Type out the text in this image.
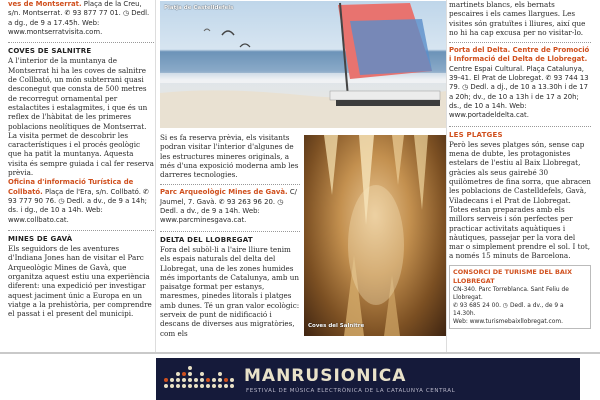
ves de Montserrat. Plaça de la Creu, s/n. Montserrat. ✆ 93 877 77 01. ◷ Dedl. a dg., de 9 a 17.45h. Web: www.montserratvisita.com.

COVES DE SALNITRE

A l'interior de la muntanya de Montserrat hi ha les coves de salnitre de Collbató, un món subterrani quasi desconegut que consta de 500 metres de recorregut ornamental per estalactites i estalagmites, i que és un reflex de l'hàbitat de les primeres poblacions neolítiques de Montserrat. La visita permet de descobrir les característiques i el procés geològic que ha patit la muntanya. Aquesta visita és sempre guiada i cal fer reserva prèvia.

Oficina d'informació Turística de Collbató. Plaça de l'Era, s/n. Collbató. ✆ 93 777 90 76. ◷ Dedl. a dv., de 9 a 14h; ds. i dg., de 10 a 14h. Web: www.collbato.cat.

MINES DE GAVÀ

Els seguidors de les aventures d'Indiana Jones han de visitar el Parc Arqueològic Mines de Gavà, que organitza aquest estiu una experiència diferent: una expedició per investigar aquest jaciment únic a Europa en un viatge a la prehistòria, per comprendre el passat i el present del municipi.

Platja de Castelldefels

Si es fa reserva prèvia, els visitants podran visitar l'interior d'algunes de les estructures mineres originals, a més d'una exposició moderna amb les darreres tecnologies.

Parc Arqueològic Mines de Gavà. C/ Jaumel, 7. Gavà. ✆ 93 263 96 20. ◷ Dedl. a dv., de 9 a 14h. Web: www.parcminesgava.cat.

DELTA DEL LLOBREGAT

Fora del subòl·li a l'aire lliure tenim els espais naturals del delta del Llobregat, una de les zones humides més importants de Catalunya, amb un paisatge format per estanys, maresmes, pinedes litorals i platges amb dunes. Té un gran valor ecològic: serveix de punt de nidificació i descans de diverses aus migratòries, com els

Coves del Salnitre

martinets blancs, els bernats pescaires i els cames llargues. Les visites són gratuïtes i lliures, així que no hi ha cap excusa per no visitar-lo.

Porta del Delta. Centre de Promoció i Informació del Delta de Llobregat. Centre Espai Cultural. Plaça Catalunya, 39-41. El Prat de Llobregat. ✆ 93 744 13 79. ◷ Dedl. a dj., de 10 a 13.30h i de 17 a 20h; dv., de 10 a 13h i de 17 a 20h; ds., de 10 a 14h. Web: www.portadeldelta.cat.

LES PLATGES

Però les seves platges són, sense cap mena de dubte, les protagonistes estelars de l'estiu al Baix Llobregat, gràcies als seus gairebé 30 quilòmetres de fina sorra, que abracen les poblacions de Castelldefels, Gavà, Viladecans i el Prat de Llobregat. Totes estan preparades amb els millors serveis i són perfectes per practicar activitats aquàtiques i nàutiques, passejar per la vora del mar o simplement prendre el sol. I tot, a només 15 minuts de Barcelona.

CONSORCI DE TURISME DEL BAIX LLOBREGAT
CN-340. Parc Torreblanca. Sant Feliu de Llobregat.
✆ 93 685 24 00. ◷ Dedl. a dv., de 9 a 14.30h.
Web: www.turismebaixllobregat.com.
MANRUSIONICA
FESTIVAL DE MÚSICA ELECTRÒNICA DE LA CATALUNYA CENTRAL
